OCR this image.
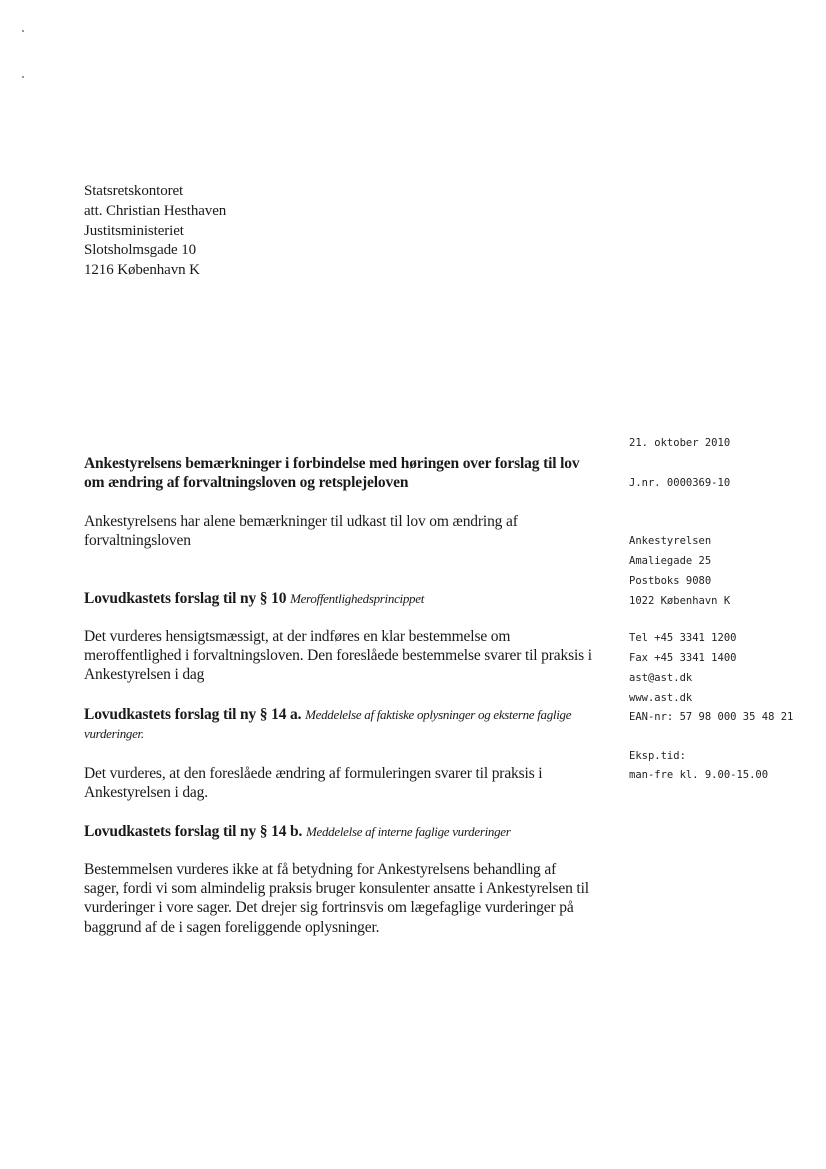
Statsretskontoret
att. Christian Hesthaven
Justitsministeriet
Slotsholmsgade 10
1216 København K
21. oktober 2010
J.nr. 0000369-10
Ankestyrelsen
Amaliegade 25
Postboks 9080
1022 København K
Tel +45 3341 1200
Fax +45 3341 1400
ast@ast.dk
www.ast.dk
EAN-nr: 57 98 000 35 48 21
Eksp.tid:
man-fre kl. 9.00-15.00
Ankestyrelsens bemærkninger i forbindelse med høringen over forslag til lov
om ændring af forvaltningsloven og retsplejeloven
Ankestyrelsens har alene bemærkninger til udkast til lov om ændring af
forvaltningsloven
Lovudkastets forslag til ny § 10 Meroffentlighedsprincippet
Det vurderes hensigtsmæssigt, at der indføres en klar bestemmelse om
meroffentlighed i forvaltningsloven. Den foreslåede bestemmelse svarer til praksis i
Ankestyrelsen i dag
Lovudkastets forslag til ny § 14 a. Meddelelse af faktiske oplysninger og eksterne faglige
vurderinger.
Det vurderes, at den foreslåede ændring af formuleringen svarer til praksis i
Ankestyrelsen i dag.
Lovudkastets forslag til ny § 14 b. Meddelelse af interne faglige vurderinger
Bestemmelsen vurderes ikke at få betydning for Ankestyrelsens behandling af
sager, fordi vi som almindelig praksis bruger konsulenter ansatte i Ankestyrelsen til
vurderinger i vore sager. Det drejer sig fortrinsvis om lægefaglige vurderinger på
baggrund af de i sagen foreliggende oplysninger.
